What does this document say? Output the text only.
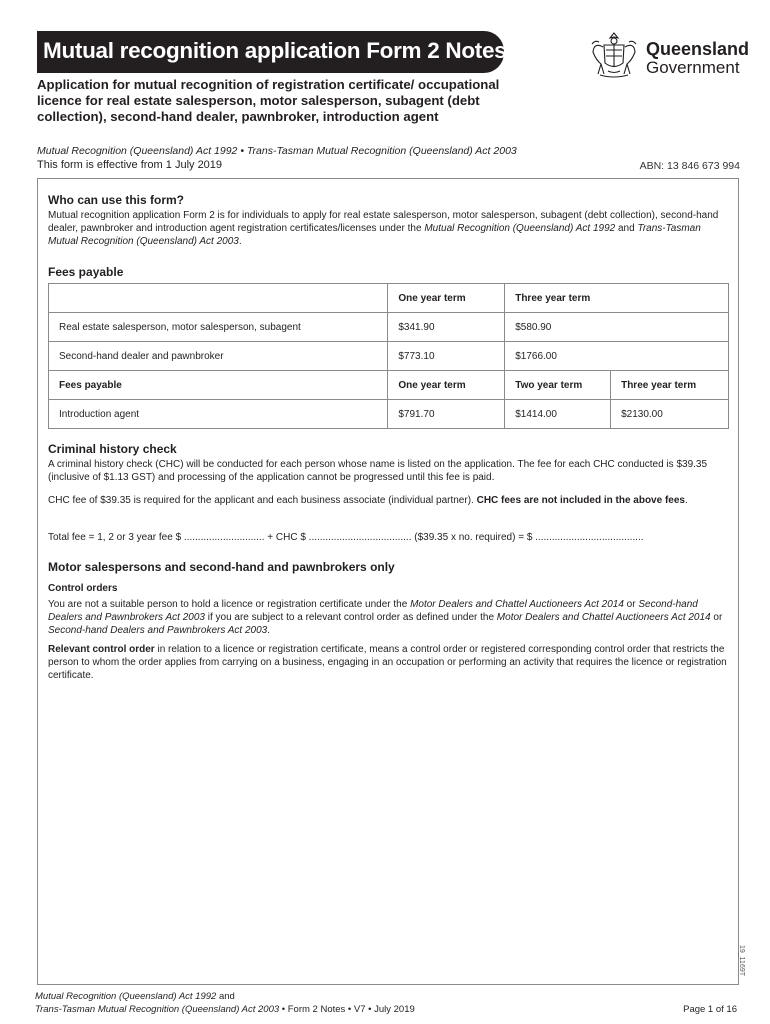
Mutual recognition application Form 2 Notes	Queensland
Government
Application for mutual recognition of registration certificate/ occupational licence for real estate salesperson, motor salesperson, subagent (debt collection), second-hand dealer, pawnbroker, introduction agent
Mutual Recognition (Queensland) Act 1992 • Trans-Tasman Mutual Recognition (Queensland) Act 2003
This form is effective from 1 July 2019	ABN: 13 846 673 994
Who can use this form?
Mutual recognition application Form 2 is for individuals to apply for real estate salesperson, motor salesperson, subagent (debt collection), second-hand dealer, pawnbroker and introduction agent registration certificates/licenses under the Mutual Recognition (Queensland) Act 1992 and Trans-Tasman Mutual Recognition (Queensland) Act 2003.
Fees payable
	One year term	Three year term	
Real estate salesperson, motor salesperson, subagent	$341.90	$580.90	
Second-hand dealer and pawnbroker	$773.10	$1766.00	
Fees payable	One year term	Two year term	Three year term
Introduction agent	$791.70	$1414.00	$2130.00
Criminal history check
A criminal history check (CHC) will be conducted for each person whose name is listed on the application. The fee for each CHC conducted is $39.35 (inclusive of $1.13 GST) and processing of the application cannot be progressed until this fee is paid.
CHC fee of $39.35 is required for the applicant and each business associate (individual partner). CHC fees are not included in the above fees.
Total fee = 1, 2 or 3 year fee $ ............................. + CHC $ ..................................... ($39.35 x no. required) = $ .......................................
Motor salespersons and second-hand and pawnbrokers only
Control orders
You are not a suitable person to hold a licence or registration certificate under the Motor Dealers and Chattel Auctioneers Act 2014 or Second-hand Dealers and Pawnbrokers Act 2003 if you are subject to a relevant control order as defined under the Motor Dealers and Chattel Auctioneers Act 2014 or Second-hand Dealers and Pawnbrokers Act 2003.
Relevant control order in relation to a licence or registration certificate, means a control order or registered corresponding control order that restricts the person to whom the order applies from carrying on a business, engaging in an occupation or performing an activity that requires the licence or registration certificate.
19_1169T
Mutual Recognition (Queensland) Act 1992 and
Trans-Tasman Mutual Recognition (Queensland) Act 2003 • Form 2 Notes • V7 • July 2019	Page 1 of 16
